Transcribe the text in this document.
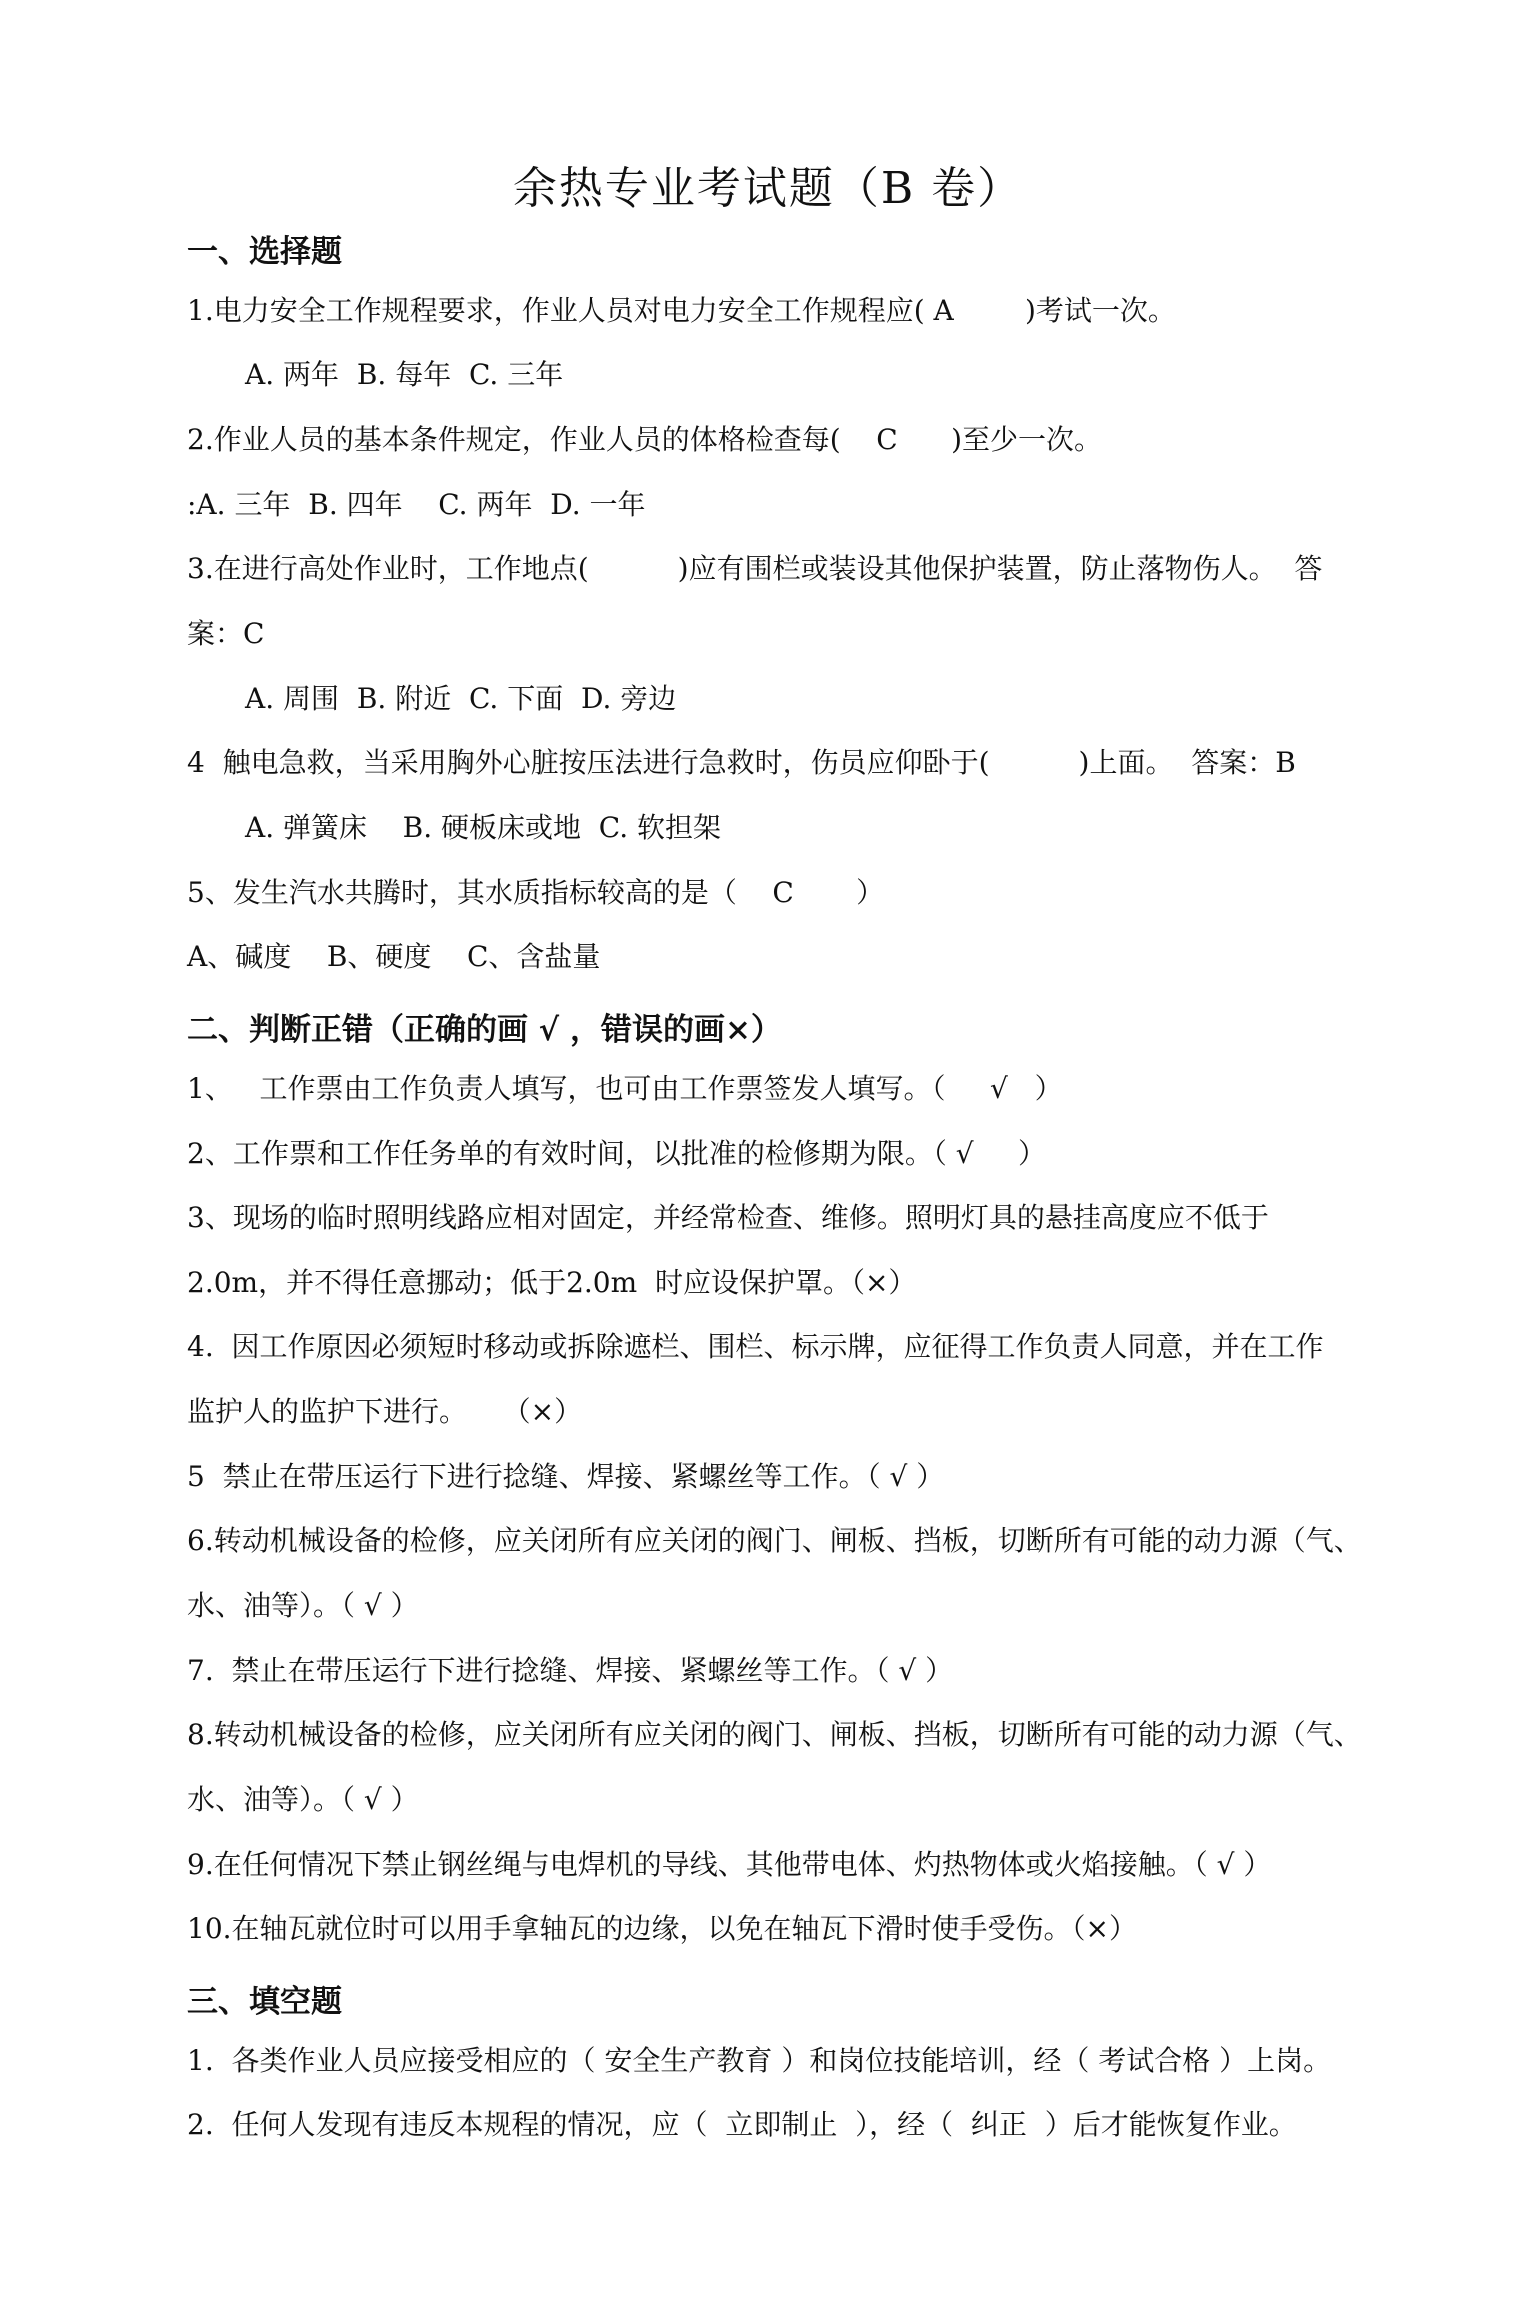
余热专业考试题（B 卷）
一、选择题
1.电力安全工作规程要求，作业人员对电力安全工作规程应( A        )考试一次。
A. 两年  B. 每年  C. 三年
2.作业人员的基本条件规定，作业人员的体格检查每(    C      )至少一次。
:A. 三年  B. 四年    C. 两年  D. 一年
3.在进行高处作业时，工作地点(          )应有围栏或装设其他保护装置，防止落物伤人。  答
案：C
A. 周围  B. 附近  C. 下面  D. 旁边
4  触电急救，当采用胸外心脏按压法进行急救时，伤员应仰卧于(          )上面。  答案：B
A. 弹簧床    B. 硬板床或地  C. 软担架
5、发生汽水共腾时，其水质指标较高的是（    C       ）
A、碱度    B、硬度    C、含盐量
二、判断正错（正确的画 √ ，错误的画×）
1、   工作票由工作负责人填写，也可由工作票签发人填写。（     √   ）
2、工作票和工作任务单的有效时间，以批准的检修期为限。（ √     ）
3、现场的临时照明线路应相对固定，并经常检查、维修。照明灯具的悬挂高度应不低于
2.0m，并不得任意挪动；低于2.0m  时应设保护罩。（×）
4.  因工作原因必须短时移动或拆除遮栏、围栏、标示牌，应征得工作负责人同意，并在工作
监护人的监护下进行。    （×）
5  禁止在带压运行下进行捻缝、焊接、紧螺丝等工作。（ √ ）
6.转动机械设备的检修，应关闭所有应关闭的阀门、闸板、挡板，切断所有可能的动力源（气、
水、油等）。（ √ ）
7.  禁止在带压运行下进行捻缝、焊接、紧螺丝等工作。（ √ ）
8.转动机械设备的检修，应关闭所有应关闭的阀门、闸板、挡板，切断所有可能的动力源（气、
水、油等）。（ √ ）
9.在任何情况下禁止钢丝绳与电焊机的导线、其他带电体、灼热物体或火焰接触。（ √ ）
10.在轴瓦就位时可以用手拿轴瓦的边缘，以免在轴瓦下滑时使手受伤。（×）
三、填空题
1.  各类作业人员应接受相应的（ 安全生产教育 ）和岗位技能培训，经（ 考试合格 ）上岗。
2.  任何人发现有违反本规程的情况，应（  立即制止  ），经（  纠正  ）后才能恢复作业。
